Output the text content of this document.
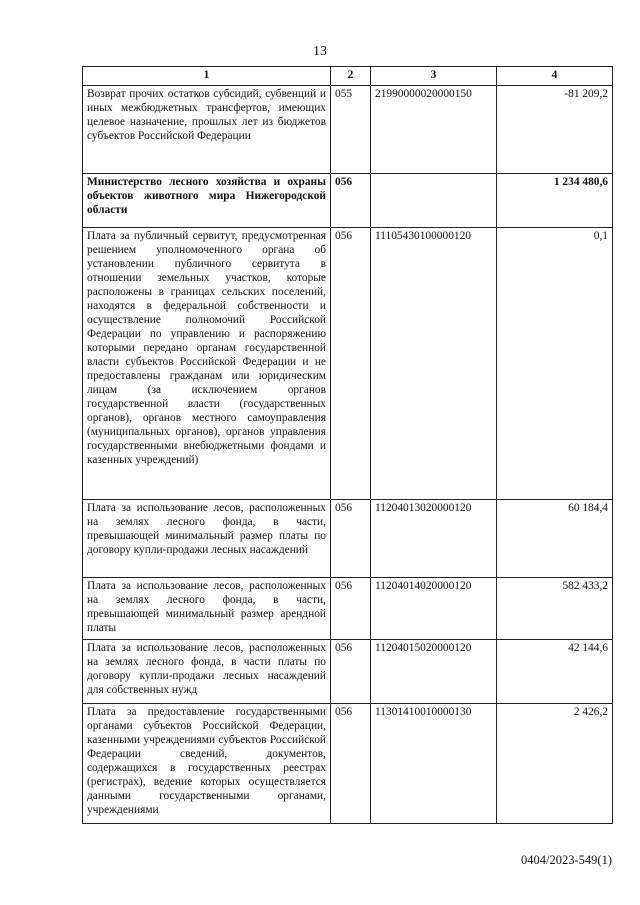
13
1	2	3	4
Возврат прочих остатков субсидий, субвенций и иных межбюджетных трансфертов, имеющих целевое назначение, прошлых лет из бюджетов субъектов Российской Федерации	055	21990000020000150	-81 209,2
Министерство лесного хозяйства и охраны объектов животного мира Нижегородской области	056		1 234 480,6
Плата за публичный сервитут, предусмотренная решением уполномоченного органа об установлении публичного сервитута в отношении земельных участков, которые расположены в границах сельских поселений, находятся в федеральной собственности и осуществление полномочий Российской Федерации по управлению и распоряжению которыми передано органам государственной власти субъектов Российской Федерации и не предоставлены гражданам или юридическим лицам (за исключением органов государственной власти (государственных органов), органов местного самоуправления (муниципальных органов), органов управления государственными внебюджетными фондами и казенных учреждений)	056	11105430100000120	0,1
Плата за использование лесов, расположенных на землях лесного фонда, в части, превышающей минимальный размер платы по договору купли-продажи лесных насаждений	056	11204013020000120	60 184,4
Плата за использование лесов, расположенных на землях лесного фонда, в части, превышающей минимальный размер арендной платы	056	11204014020000120	582 433,2
Плата за использование лесов, расположенных на землях лесного фонда, в части платы по договору купли-продажи лесных насаждений для собственных нужд	056	11204015020000120	42 144,6
Плата за предоставление государственными органами субъектов Российской Федерации, казенными учреждениями субъектов Российской Федерации сведений, документов, содержащихся в государственных реестрах (регистрах), ведение которых осуществляется данными государственными органами, учреждениями	056	11301410010000130	2 426,2
0404/2023-549(1)
